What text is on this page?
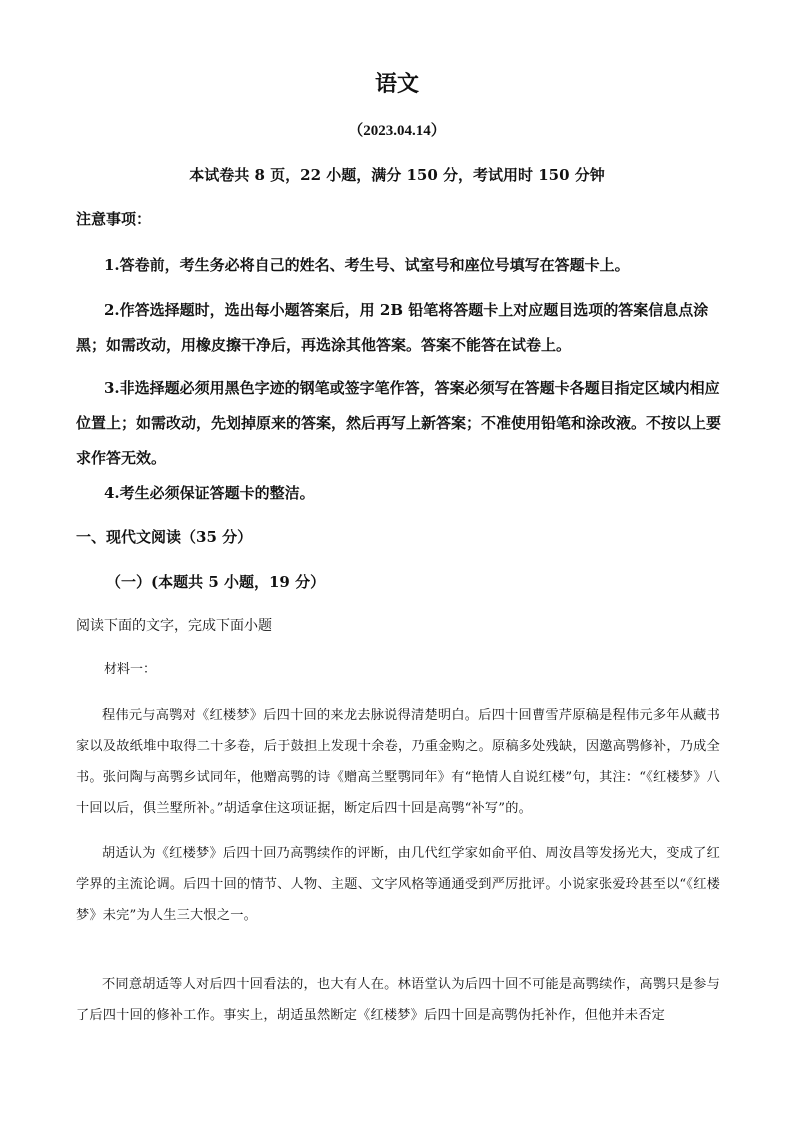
语文
（2023.04.14）
本试卷共 8 页，22 小题，满分 150 分，考试用时 150 分钟
注意事项：

1.答卷前，考生务必将自己的姓名、考生号、试室号和座位号填写在答题卡上。

2.作答选择题时，选出每小题答案后，用 2B 铅笔将答题卡上对应题目选项的答案信息点涂黑；如需改动，用橡皮擦干净后，再选涂其他答案。答案不能答在试卷上。

3.非选择题必须用黑色字迹的钢笔或签字笔作答，答案必须写在答题卡各题目指定区域内相应位置上；如需改动，先划掉原来的答案，然后再写上新答案；不准使用铅笔和涂改液。不按以上要求作答无效。

4.考生必须保证答题卡的整洁。

一、现代文阅读（35 分）
（一）(本题共 5 小题，19 分）
阅读下面的文字，完成下面小题
材料一：

程伟元与高鹗对《红楼梦》后四十回的来龙去脉说得清楚明白。后四十回曹雪芹原稿是程伟元多年从藏书家以及故纸堆中取得二十多卷，后于鼓担上发现十余卷，乃重金购之。原稿多处残缺，因邀高鹗修补，乃成全书。张问陶与高鹗乡试同年，他赠高鹗的诗《赠高兰墅鹗同年》有“艳情人自说红楼”句，其注：“《红楼梦》八十回以后，俱兰墅所补。”胡适拿住这项证据，断定后四十回是高鹗“补写”的。

胡适认为《红楼梦》后四十回乃高鹗续作的评断，由几代红学家如俞平伯、周汝昌等发扬光大，变成了红学界的主流论调。后四十回的情节、人物、主题、文字风格等通通受到严厉批评。小说家张爱玲甚至以“《红楼梦》未完”为人生三大恨之一。

不同意胡适等人对后四十回看法的，也大有人在。林语堂认为后四十回不可能是高鹗续作，高鹗只是参与了后四十回的修补工作。事实上，胡适虽然断定《红楼梦》后四十回是高鹗伪托补作，但他并未否定
